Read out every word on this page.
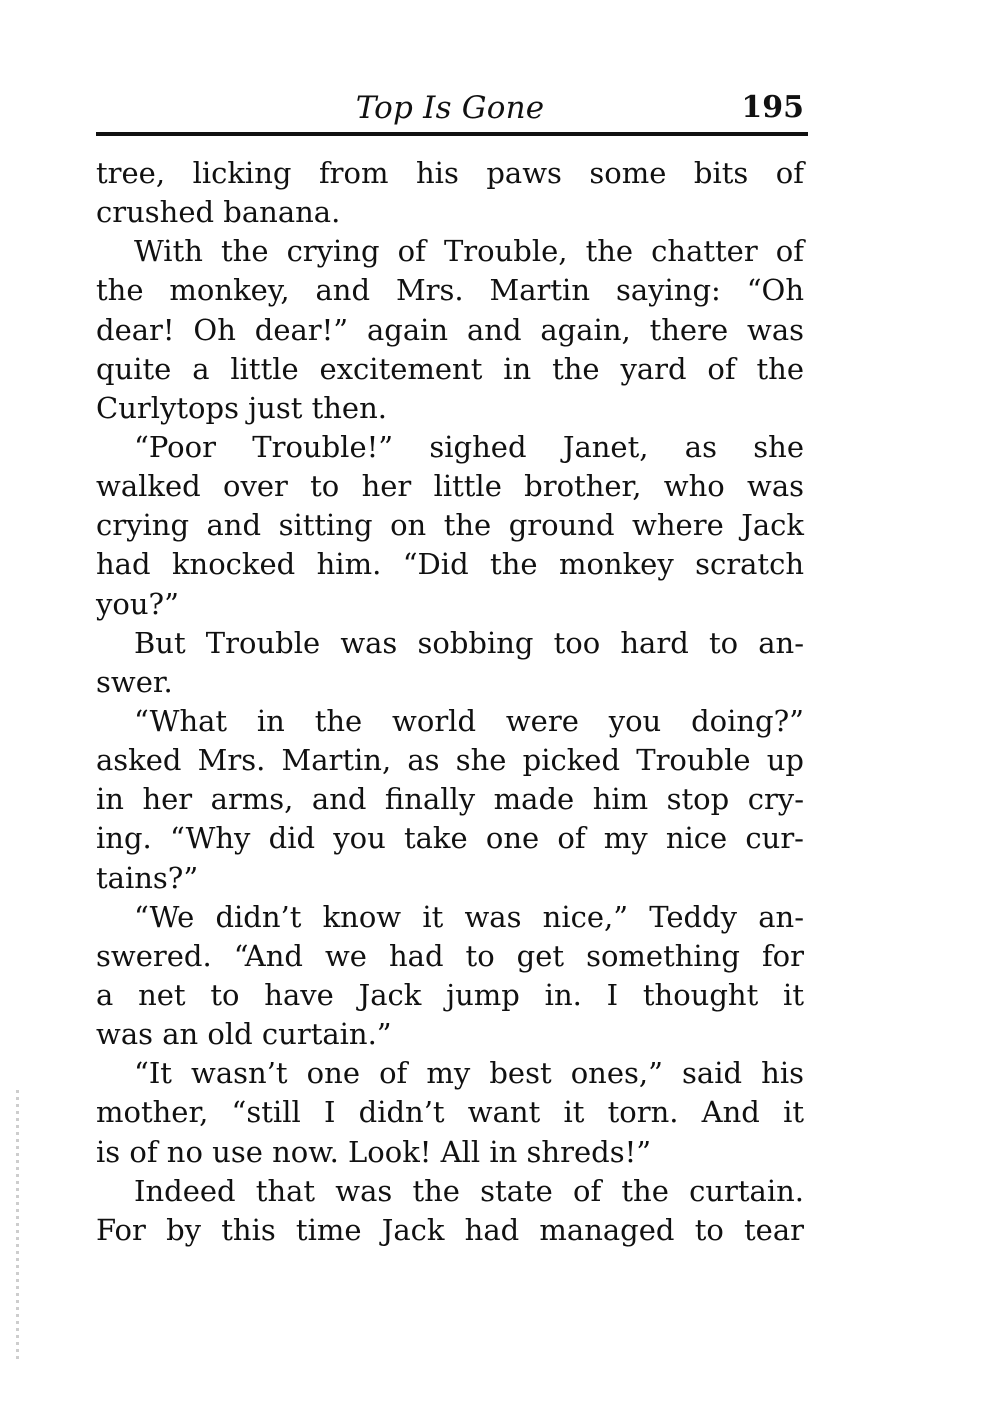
Top Is Gone	195
tree, licking from his paws some bits of
crushed banana.
With the crying of Trouble, the chatter of
the monkey, and Mrs. Martin saying: “Oh
dear! Oh dear!” again and again, there was
quite a little excitement in the yard of the
Curlytops just then.
“Poor Trouble!” sighed Janet, as she
walked over to her little brother, who was
crying and sitting on the ground where Jack
had knocked him. “Did the monkey scratch
you?”
But Trouble was sobbing too hard to an-
swer.
“What in the world were you doing?”
asked Mrs. Martin, as she picked Trouble up
in her arms, and finally made him stop cry-
ing. “Why did you take one of my nice cur-
tains?”
“We didn’t know it was nice,” Teddy an-
swered. “And we had to get something for
a net to have Jack jump in. I thought it
was an old curtain.”
“It wasn’t one of my best ones,” said his
mother, “still I didn’t want it torn. And it
is of no use now. Look! All in shreds!”
Indeed that was the state of the curtain.
For by this time Jack had managed to tear
